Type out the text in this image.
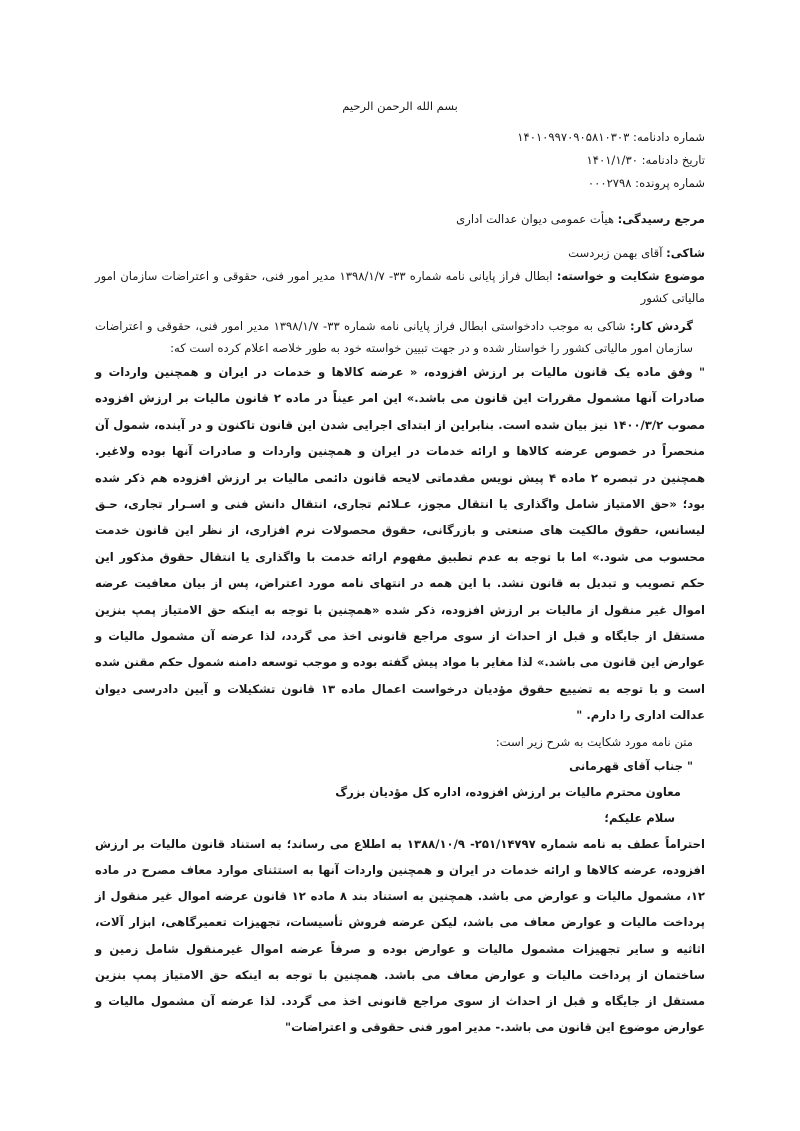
بسم الله الرحمن الرحیم

شماره دادنامه: ۱۴۰۱۰۹۹۷۰۹۰۵۸۱۰۳۰۳

تاریخ دادنامه: ۱۴۰۱/۱/۳۰

شماره پرونده: ۰۰۰۲۷۹۸

مرجع رسیدگی: هیأت عمومی دیوان عدالت اداری

شاکی: آقای بهمن زبردست

موضوع شکایت و خواسته: ابطال فراز پایانی نامه شماره ۳۳- ۱۳۹۸/۱/۷ مدیر امور فنی، حقوقی و اعتراضات سازمان امور مالیاتی کشور

گردش کار: شاکی به موجب دادخواستی ابطال فراز پایانی نامه شماره ۳۳- ۱۳۹۸/۱/۷ مدیر امور فنی، حقوقی و اعتراضات سازمان امور مالیاتی کشور را خواستار شده و در جهت تبیین خواسته خود به طور خلاصه اعلام کرده است که:

" وفق ماده یک قانون مالیات بر ارزش افزوده، « عرضه کالاها و خدمات در ایران و همچنین واردات و صادرات آنها مشمول مقررات این قانون می باشد.» این امر عیناً در ماده ۲ قانون مالیات بر ارزش افزوده مصوب ۱۴۰۰/۳/۲ نیز بیان شده است. بنابراین از ابتدای اجرایی شدن این قانون تاکنون و در آینده، شمول آن منحصراً در خصوص عرضه کالاها و ارائه خدمات در ایران و همچنین واردات و صادرات آنها بوده ولاغیر. همچنین در تبصره ۲ ماده ۴ پیش نویس مقدماتی لایحه قانون دائمی مالیات بر ارزش افزوده هم ذکر شده بود؛ «حق الامتیاز شامل واگذاری یا انتقال مجوز، عـلائم تجاری، انتقال دانش فنی و اسـرار تجاری، حـق لیسانس، حقوق مالکیت های صنعتی و بازرگانی، حقوق محصولات نرم افزاری، از نظر این قانون خدمت محسوب می شود.» اما با توجه به عدم تطبیق مفهوم ارائه خدمت با واگذاری یا انتقال حقوق مذکور این حکم تصویب و تبدیل به قانون نشد. با این همه در انتهای نامه مورد اعتراض، پس از بیان معافیت عرضه اموال غیر منقول از مالیات بر ارزش افزوده، ذکر شده «همچنین با توجه به اینکه حق الامتیاز پمپ بنزین مستقل از جایگاه و قبل از احداث از سوی مراجع قانونی اخذ می گردد، لذا عرضه آن مشمول مالیات و عوارض این قانون می باشد.» لذا مغایر با مواد پیش گفته بوده و موجب توسعه دامنه شمول حکم مقنن شده است و با توجه به تضییع حقوق مؤدیان درخواست اعمال ماده ۱۳ قانون تشکیلات و آیین دادرسی دیوان عدالت اداری را دارم. "

متن نامه مورد شکایت به شرح زیر است:

" جناب آقای قهرمانی

معاون محترم مالیات بر ارزش افزوده، اداره کل مؤدیان بزرگ

سلام علیکم؛

احتراماً عطف به نامه شماره ۲۵۱/۱۴۷۹۷- ۱۳۸۸/۱۰/۹ به اطلاع می رساند؛ به استناد قانون مالیات بر ارزش افزوده، عرضه کالاها و ارائه خدمات در ایران و همچنین واردات آنها به استثنای موارد معاف مصرح در ماده ۱۲، مشمول مالیات و عوارض می باشد. همچنین به استناد بند ۸ ماده ۱۲ قانون عرضه اموال غیر منقول از پرداخت مالیات و عوارض معاف می باشد، لیکن عرضه فروش تأسیسات، تجهیزات تعمیرگاهی، ابزار آلات، اثاثیه و سایر تجهیزات مشمول مالیات و عوارض بوده و صرفاً عرضه اموال غیرمنقول شامل زمین و ساختمان از پرداخت مالیات و عوارض معاف می باشد. همچنین با توجه به اینکه حق الامتیاز پمپ بنزین مستقل از جایگاه و قبل از احداث از سوی مراجع قانونی اخذ می گردد. لذا عرضه آن مشمول مالیات و عوارض موضوع این قانون می باشد.- مدیر امور فنی حقوقی و اعتراضات"
